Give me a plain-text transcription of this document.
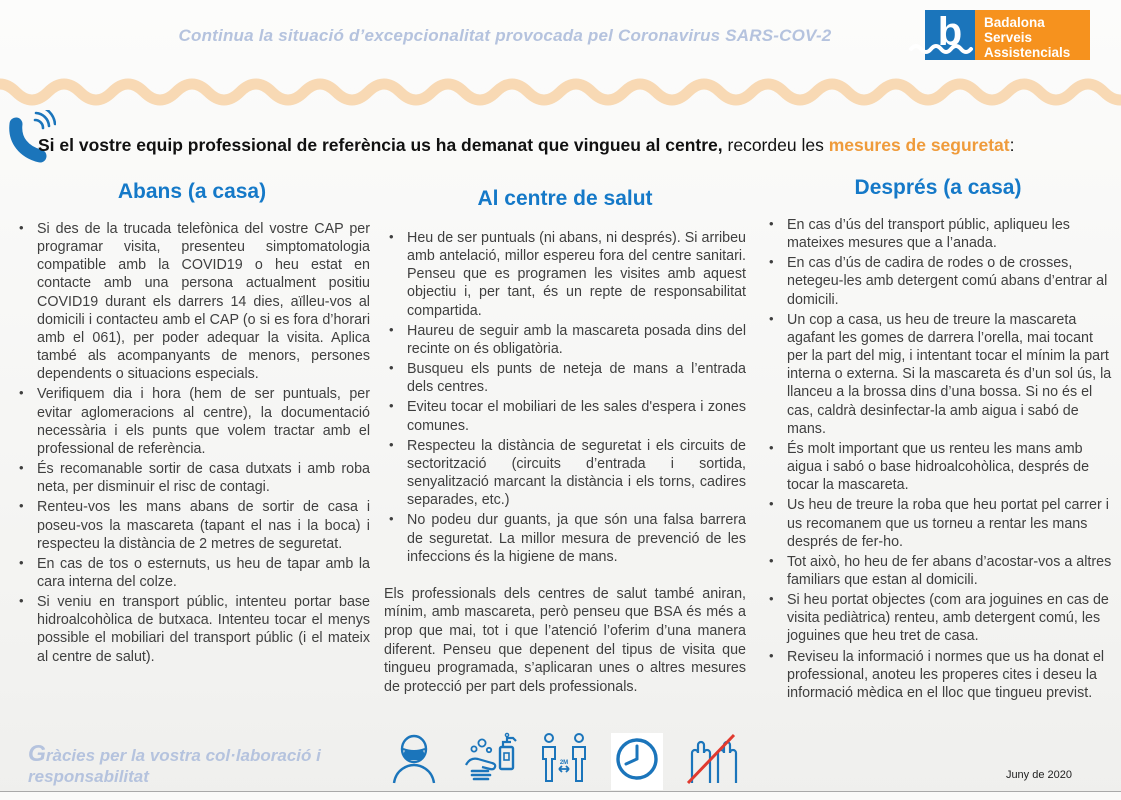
Continua la situació d’excepcionalitat provocada pel Coronavirus SARS-COV-2	b	Badalona
Serveis
Assistencials
Si el vostre equip professional de referència us ha demanat que vingueu al centre, recordeu les mesures de seguretat:
Abans (a casa)
• Si des de la trucada telefònica del vostre CAP per programar visita, presenteu simptomatologia compatible amb la COVID19 o heu estat en contacte amb una persona actualment positiu COVID19 durant els darrers 14 dies, aïlleu-vos al domicili i contacteu amb el CAP (o si es fora d’horari amb el 061), per poder adequar la visita. Aplica també als acompanyants de menors, persones dependents o situacions especials.
• Verifiquem dia i hora (hem de ser puntuals, per evitar aglomeracions al centre), la documentació necessària i els punts que volem tractar amb el professional de referència.
• És recomanable sortir de casa dutxats i amb roba neta, per disminuir el risc de contagi.
• Renteu-vos les mans abans de sortir de casa i poseu-vos la mascareta (tapant el nas i la boca) i respecteu la distància de 2 metres de seguretat.
• En cas de tos o esternuts, us heu de tapar amb la cara interna del colze.
• Si veniu en transport públic, intenteu portar base hidroalcohòlica de butxaca. Intenteu tocar el menys possible el mobiliari del transport públic (i el mateix al centre de salut).
Al centre de salut
• Heu de ser puntuals (ni abans, ni després). Si arribeu amb antelació, millor espereu fora del centre sanitari. Penseu que es programen les visites amb aquest objectiu i, per tant, és un repte de responsabilitat compartida.
• Haureu de seguir amb la mascareta posada dins del recinte on és obligatòria.
• Busqueu els punts de neteja de mans a l’entrada dels centres.
• Eviteu tocar el mobiliari de les sales d'espera i zones comunes.
• Respecteu la distància de seguretat i els circuits de sectorització (circuits d’entrada i sortida, senyalització marcant la distància i els torns, cadires separades, etc.)
• No podeu dur guants, ja que són una falsa barrera de seguretat. La millor mesura de prevenció de les infeccions és la higiene de mans.
Els professionals dels centres de salut també aniran, mínim, amb mascareta, però penseu que BSA és més a prop que mai, tot i que l’atenció l’oferim d’una manera diferent. Penseu que depenent del tipus de visita que tingueu programada, s’aplicaran unes o altres mesures de protecció per part dels professionals.
Després (a casa)
• En cas d’ús del transport públic, apliqueu les mateixes mesures que a l’anada.
• En cas d’ús de cadira de rodes o de crosses, netegeu-les amb detergent comú abans d’entrar al domicili.
• Un cop a casa, us heu de treure la mascareta agafant les gomes de darrera l’orella, mai tocant per la part del mig, i intentant tocar el mínim la part interna o externa. Si la mascareta és d’un sol ús, la llanceu a la brossa dins d’una bossa. Si no és el cas, caldrà desinfectar-la amb aigua i sabó de mans.
• És molt important que us renteu les mans amb aigua i sabó o base hidroalcohòlica, després de tocar la mascareta.
• Us heu de treure la roba que heu portat pel carrer i us recomanem que us torneu a rentar les mans després de fer-ho.
• Tot això, ho heu de fer abans d’acostar-vos a altres familiars que estan al domicili.
• Si heu portat objectes (com ara joguines en cas de visita pediàtrica) renteu, amb detergent comú, les joguines que heu tret de casa.
• Reviseu la informació i normes que us ha donat el professional, anoteu les properes cites i deseu la informació mèdica en el lloc que tingueu previst.
Gràcies per la vostra col·laboració i responsabilitat
2M
Juny de 2020
